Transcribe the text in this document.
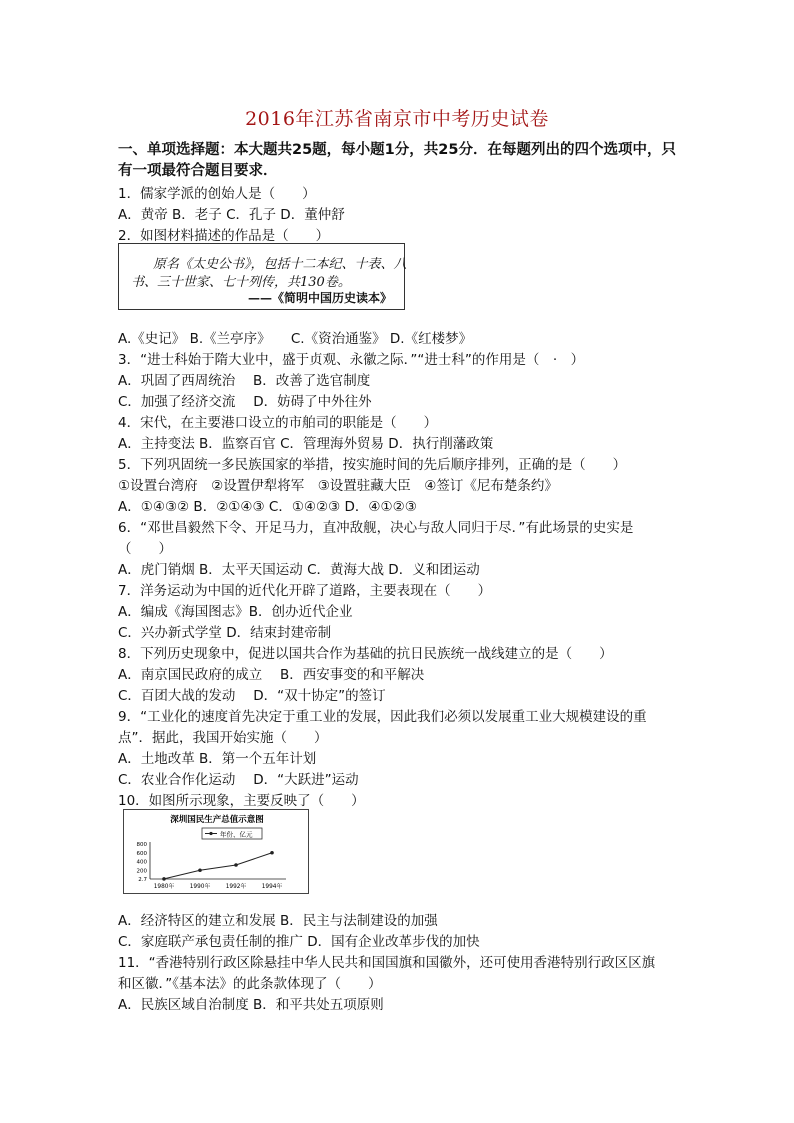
2016年江苏省南京市中考历史试卷
一、单项选择题：本大题共25题，每小题1分，共25分．在每题列出的四个选项中，只有一项最符合题目要求．
1．儒家学派的创始人是（　　）
A．黄帝 B．老子 C．孔子 D．董仲舒
2．如图材料描述的作品是（　　）
原名《太史公书》，包括十二本纪、十表、八
书、三十世家、七十列传，共130卷。
——《简明中国历史读本》
A.《史记》 B.《兰亭序》　　C.《资治通鉴》 D.《红楼梦》
3．“进士科始于隋大业中，盛于贞观、永徽之际．”“进士科”的作用是（　·　）
A．巩固了西周统治　 B．改善了选官制度
C．加强了经济交流　 D．妨碍了中外往外
4．宋代，在主要港口设立的市舶司的职能是（　　）
A．主持变法 B．监察百官 C．管理海外贸易 D．执行削藩政策
5．下列巩固统一多民族国家的举措，按实施时间的先后顺序排列，正确的是（　　）
①设置台湾府　②设置伊犁将军　③设置驻藏大臣　④签订《尼布楚条约》
A．①④③② B．②①④③ C．①④②③ D．④①②③
6．“邓世昌毅然下令、开足马力，直冲敌舰，决心与敌人同归于尽．”有此场景的史实是
（　　）
A．虎门销烟 B．太平天国运动 C．黄海大战 D．义和团运动
7．洋务运动为中国的近代化开辟了道路，主要表现在（　　）
A．编成《海国图志》B．创办近代企业
C．兴办新式学堂 D．结束封建帝制
8．下列历史现象中，促进以国共合作为基础的抗日民族统一战线建立的是（　　）
A．南京国民政府的成立　 B．西安事变的和平解决
C．百团大战的发动　 D．“双十协定”的签订
9．“工业化的速度首先决定于重工业的发展，因此我们必须以发展重工业大规模建设的重
点”．据此，我国开始实施（　　）
A．土地改革 B．第一个五年计划
C．农业合作化运动　 D．“大跃进”运动
10．如图所示现象，主要反映了（　　）
深圳国民生产总值示意图
年份、亿元
800
600
400
200
2.7
1980年	1990年	1992年	1994年
A．经济特区的建立和发展 B．民主与法制建设的加强
C．家庭联产承包责任制的推广 D．国有企业改革步伐的加快
11．“香港特别行政区除悬挂中华人民共和国国旗和国徽外，还可使用香港特别行政区区旗
和区徽．”《基本法》的此条款体现了（　　）
A．民族区域自治制度 B．和平共处五项原则
